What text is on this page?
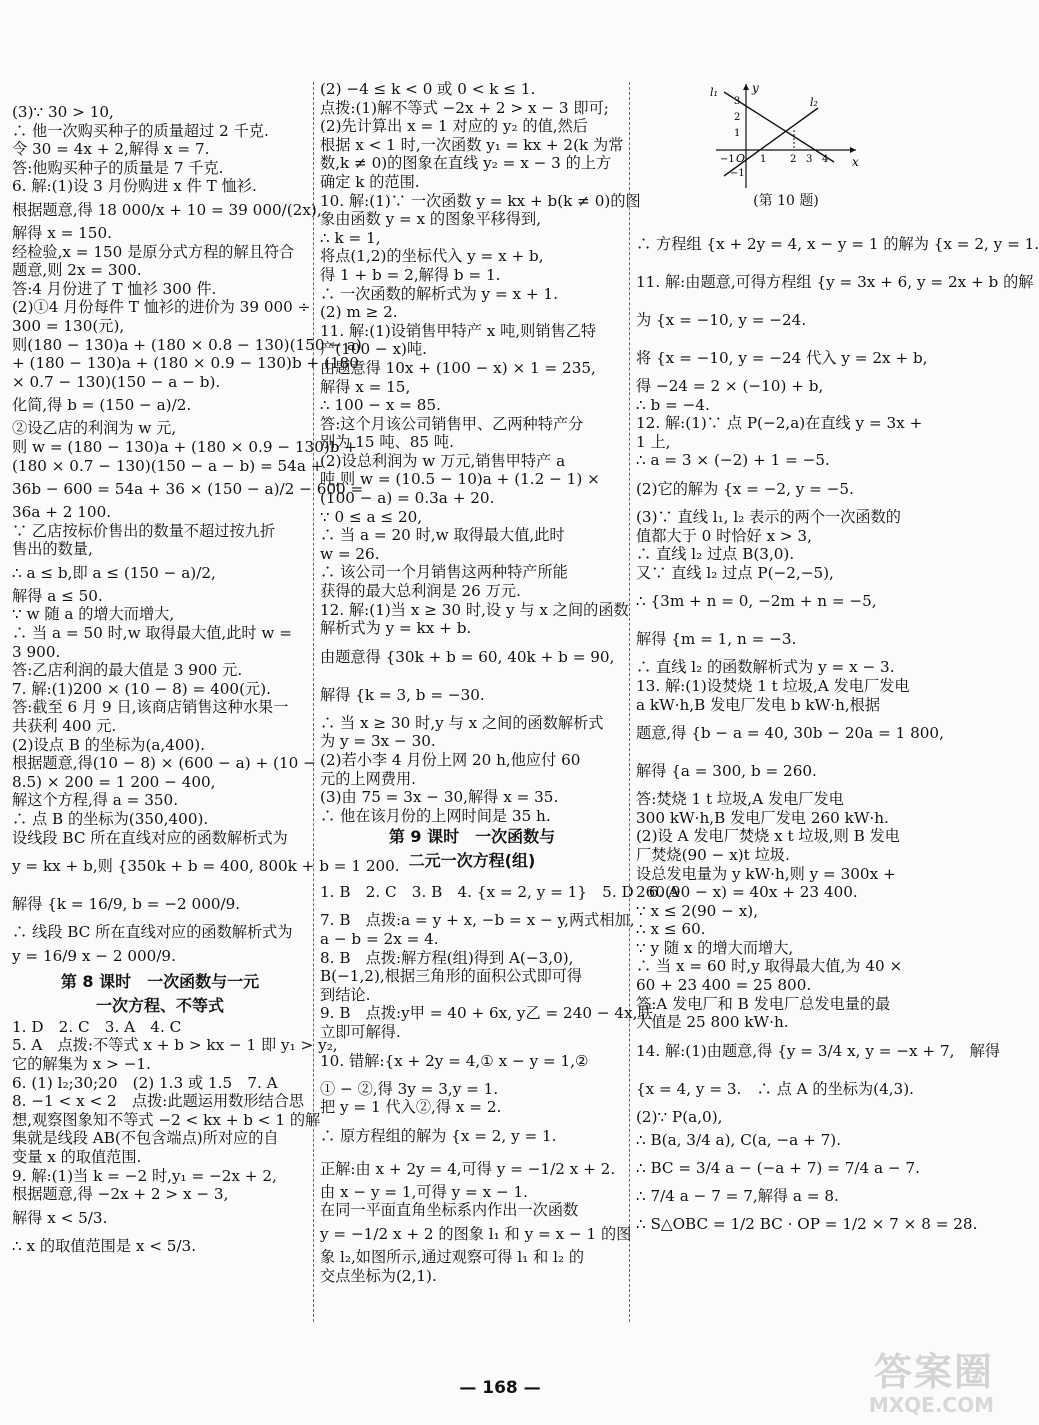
(3)∵ 30 > 10,
∴ 他一次购买种子的质量超过 2 千克.
令 30 = 4x + 2,解得 x = 7.
答:他购买种子的质量是 7 千克.
6. 解:(1)设 3 月份购进 x 件 T 恤衫.
根据题意,得 18 000/x + 10 = 39 000/(2x),
解得 x = 150.
经检验,x = 150 是原分式方程的解且符合
题意,则 2x = 300.
答:4 月份进了 T 恤衫 300 件.
(2)①4 月份每件 T 恤衫的进价为 39 000 ÷
300 = 130(元),
则(180 − 130)a + (180 × 0.8 − 130)(150 − a)
+ (180 − 130)a + (180 × 0.9 − 130)b + (180
× 0.7 − 130)(150 − a − b).
化简,得 b = (150 − a)/2.
②设乙店的利润为 w 元,
则 w = (180 − 130)a + (180 × 0.9 − 130)b +
(180 × 0.7 − 130)(150 − a − b) = 54a +
36b − 600 = 54a + 36 × (150 − a)/2 − 600 =
36a + 2 100.
∵ 乙店按标价售出的数量不超过按九折
售出的数量,
∴ a ≤ b,即 a ≤ (150 − a)/2,
解得 a ≤ 50.
∵ w 随 a 的增大而增大,
∴ 当 a = 50 时,w 取得最大值,此时 w =
3 900.
答:乙店利润的最大值是 3 900 元.
7. 解:(1)200 × (10 − 8) = 400(元).
答:截至 6 月 9 日,该商店销售这种水果一
共获利 400 元.
(2)设点 B 的坐标为(a,400).
根据题意,得(10 − 8) × (600 − a) + (10 −
8.5) × 200 = 1 200 − 400,
解这个方程,得 a = 350.
∴ 点 B 的坐标为(350,400).
设线段 BC 所在直线对应的函数解析式为
y = kx + b,则 {350k + b = 400, 800k + b = 1 200.
解得 {k = 16/9, b = −2 000/9.
∴ 线段 BC 所在直线对应的函数解析式为
y = 16/9 x − 2 000/9.
第 8 课时　一次函数与一元
一次方程、不等式
1. D　2. C　3. A　4. C
5. A　点拨:不等式 x + b > kx − 1 即 y₁ > y₂,
它的解集为 x > −1.
6. (1) l₂;30;20　(2) 1.3 或 1.5　7. A
8. −1 < x < 2　点拨:此题运用数形结合思
想,观察图象知不等式 −2 < kx + b < 1 的解
集就是线段 AB(不包含端点)所对应的自
变量 x 的取值范围.
9. 解:(1)当 k = −2 时,y₁ = −2x + 2,
根据题意,得 −2x + 2 > x − 3,
解得 x < 5/3.
∴ x 的取值范围是 x < 5/3.
(2) −4 ≤ k < 0 或 0 < k ≤ 1.
点拨:(1)解不等式 −2x + 2 > x − 3 即可;
(2)先计算出 x = 1 对应的 y₂ 的值,然后
根据 x < 1 时,一次函数 y₁ = kx + 2(k 为常
数,k ≠ 0)的图象在直线 y₂ = x − 3 的上方
确定 k 的范围.
10. 解:(1)∵ 一次函数 y = kx + b(k ≠ 0)的图
象由函数 y = x 的图象平移得到,
∴ k = 1,
将点(1,2)的坐标代入 y = x + b,
得 1 + b = 2,解得 b = 1.
∴ 一次函数的解析式为 y = x + 1.
(2) m ≥ 2.
11. 解:(1)设销售甲特产 x 吨,则销售乙特
产(100 − x)吨.
由题意得 10x + (100 − x) × 1 = 235,
解得 x = 15,
∴ 100 − x = 85.
答:这个月该公司销售甲、乙两种特产分
别为 15 吨、85 吨.
(2)设总利润为 w 万元,销售甲特产 a
吨,则 w = (10.5 − 10)a + (1.2 − 1) ×
(100 − a) = 0.3a + 20.
∵ 0 ≤ a ≤ 20,
∴ 当 a = 20 时,w 取得最大值,此时
w = 26.
∴ 该公司一个月销售这两种特产所能
获得的最大总利润是 26 万元.
12. 解:(1)当 x ≥ 30 时,设 y 与 x 之间的函数
解析式为 y = kx + b.
由题意得 {30k + b = 60, 40k + b = 90,
解得 {k = 3, b = −30.
∴ 当 x ≥ 30 时,y 与 x 之间的函数解析式
为 y = 3x − 30.
(2)若小李 4 月份上网 20 h,他应付 60
元的上网费用.
(3)由 75 = 3x − 30,解得 x = 35.
∴ 他在该月份的上网时间是 35 h.
第 9 课时　一次函数与
二元一次方程(组)
1. B　2. C　3. B　4. {x = 2, y = 1}　5. D　6. A
7. B　点拨:a = y + x, −b = x − y,两式相加,
a − b = 2x = 4.
8. B　点拨:解方程(组)得到 A(−3,0),
B(−1,2),根据三角形的面积公式即可得
到结论.
9. B　点拨:y甲 = 40 + 6x, y乙 = 240 − 4x,联
立即可解得.
10. 错解:{x + 2y = 4,① x − y = 1,②
① − ②,得 3y = 3,y = 1.
把 y = 1 代入②,得 x = 2.
∴ 原方程组的解为 {x = 2, y = 1.
正解:由 x + 2y = 4,可得 y = −1/2 x + 2.
由 x − y = 1,可得 y = x − 1.
在同一平面直角坐标系内作出一次函数
y = −1/2 x + 2 的图象 l₁ 和 y = x − 1 的图
象 l₂,如图所示,通过观察可得 l₁ 和 l₂ 的
交点坐标为(2,1).
y
x
O
l₁
l₂
1 2 3 4
3
2
1
−1
−1
(第 10 题)
∴ 方程组 {x + 2y = 4, x − y = 1 的解为 {x = 2, y = 1.
11. 解:由题意,可得方程组 {y = 3x + 6, y = 2x + b 的解
为 {x = −10, y = −24.
将 {x = −10, y = −24 代入 y = 2x + b,
得 −24 = 2 × (−10) + b,
∴ b = −4.
12. 解:(1)∵ 点 P(−2,a)在直线 y = 3x +
1 上,
∴ a = 3 × (−2) + 1 = −5.
(2)它的解为 {x = −2, y = −5.
(3)∵ 直线 l₁, l₂ 表示的两个一次函数的
值都大于 0 时恰好 x > 3,
∴ 直线 l₂ 过点 B(3,0).
又∵ 直线 l₂ 过点 P(−2,−5),
∴ {3m + n = 0, −2m + n = −5,
解得 {m = 1, n = −3.
∴ 直线 l₂ 的函数解析式为 y = x − 3.
13. 解:(1)设焚烧 1 t 垃圾,A 发电厂发电
a kW·h,B 发电厂发电 b kW·h,根据
题意,得 {b − a = 40, 30b − 20a = 1 800,
解得 {a = 300, b = 260.
答:焚烧 1 t 垃圾,A 发电厂发电
300 kW·h,B 发电厂发电 260 kW·h.
(2)设 A 发电厂焚烧 x t 垃圾,则 B 发电
厂焚烧(90 − x)t 垃圾.
设总发电量为 y kW·h,则 y = 300x +
260(90 − x) = 40x + 23 400.
∵ x ≤ 2(90 − x),
∴ x ≤ 60.
∵ y 随 x 的增大而增大,
∴ 当 x = 60 时,y 取得最大值,为 40 ×
60 + 23 400 = 25 800.
答:A 发电厂和 B 发电厂总发电量的最
大值是 25 800 kW·h.
14. 解:(1)由题意,得 {y = 3/4 x, y = −x + 7,　解得
{x = 4, y = 3.　∴ 点 A 的坐标为(4,3).
(2)∵ P(a,0),
∴ B(a, 3/4 a), C(a, −a + 7).
∴ BC = 3/4 a − (−a + 7) = 7/4 a − 7.
∴ 7/4 a − 7 = 7,解得 a = 8.
∴ S△OBC = 1/2 BC · OP = 1/2 × 7 × 8 = 28.
— 168 —	答案圈
MXQE.COM
